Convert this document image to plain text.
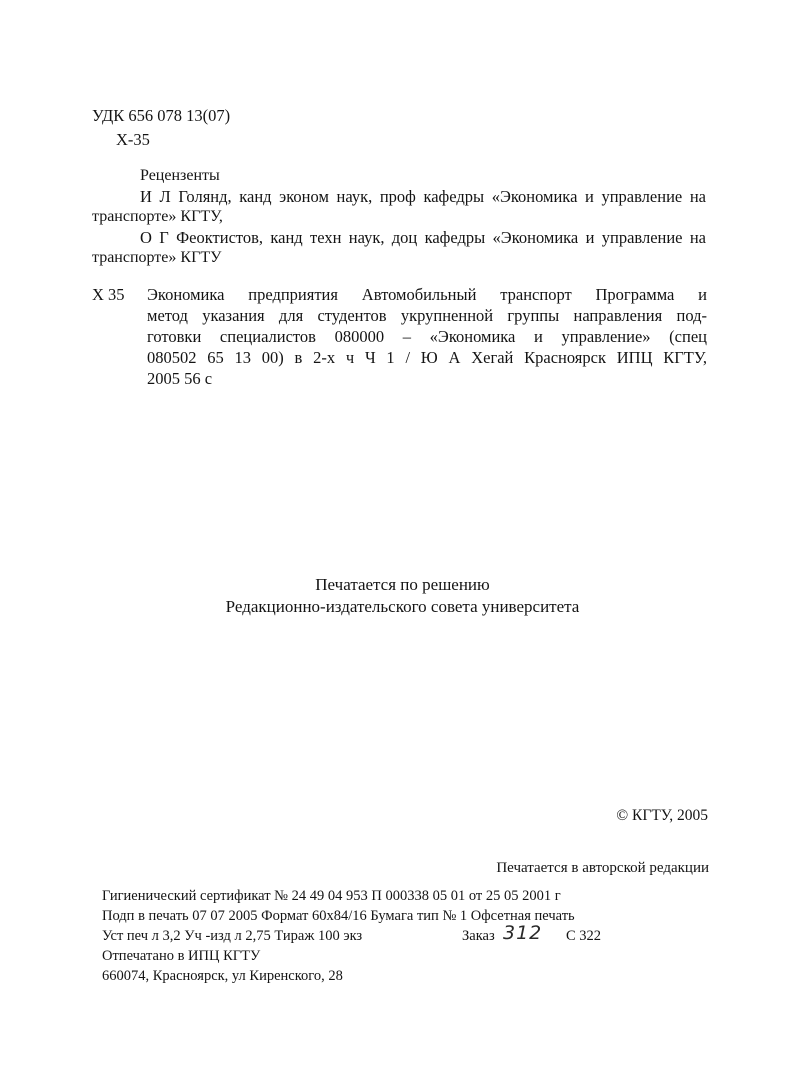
УДК 656 078 13(07)
Х-35
Рецензенты
И Л Голянд, канд эконом наук, проф кафедры «Экономика и управление на
транспорте» КГТУ,
О Г Феоктистов, канд техн наук, доц кафедры «Экономика и управление на
транспорте» КГТУ
Х 35 Экономика предприятия Автомобильный транспорт Программа и
метод указания для студентов укрупненной группы направления под-
готовки специалистов 080000 – «Экономика и управление» (спец
080502 65 13 00) в 2-х ч Ч 1 / Ю А Хегай Красноярск ИПЦ КГТУ,
2005 56 с
Печатается по решению
Редакционно-издательского совета университета
© КГТУ, 2005
Печатается в авторской редакции
Гигиенический сертификат № 24 49 04 953 П 000338 05 01 от 25 05 2001 г
Подп в печать 07 07 2005 Формат 60х84/16 Бумага тип № 1 Офсетная печать
Уст печ л 3,2 Уч -изд л 2,75 Тираж 100 экз	Заказ 312 С 322
Отпечатано в ИПЦ КГТУ
660074, Красноярск, ул Киренского, 28
